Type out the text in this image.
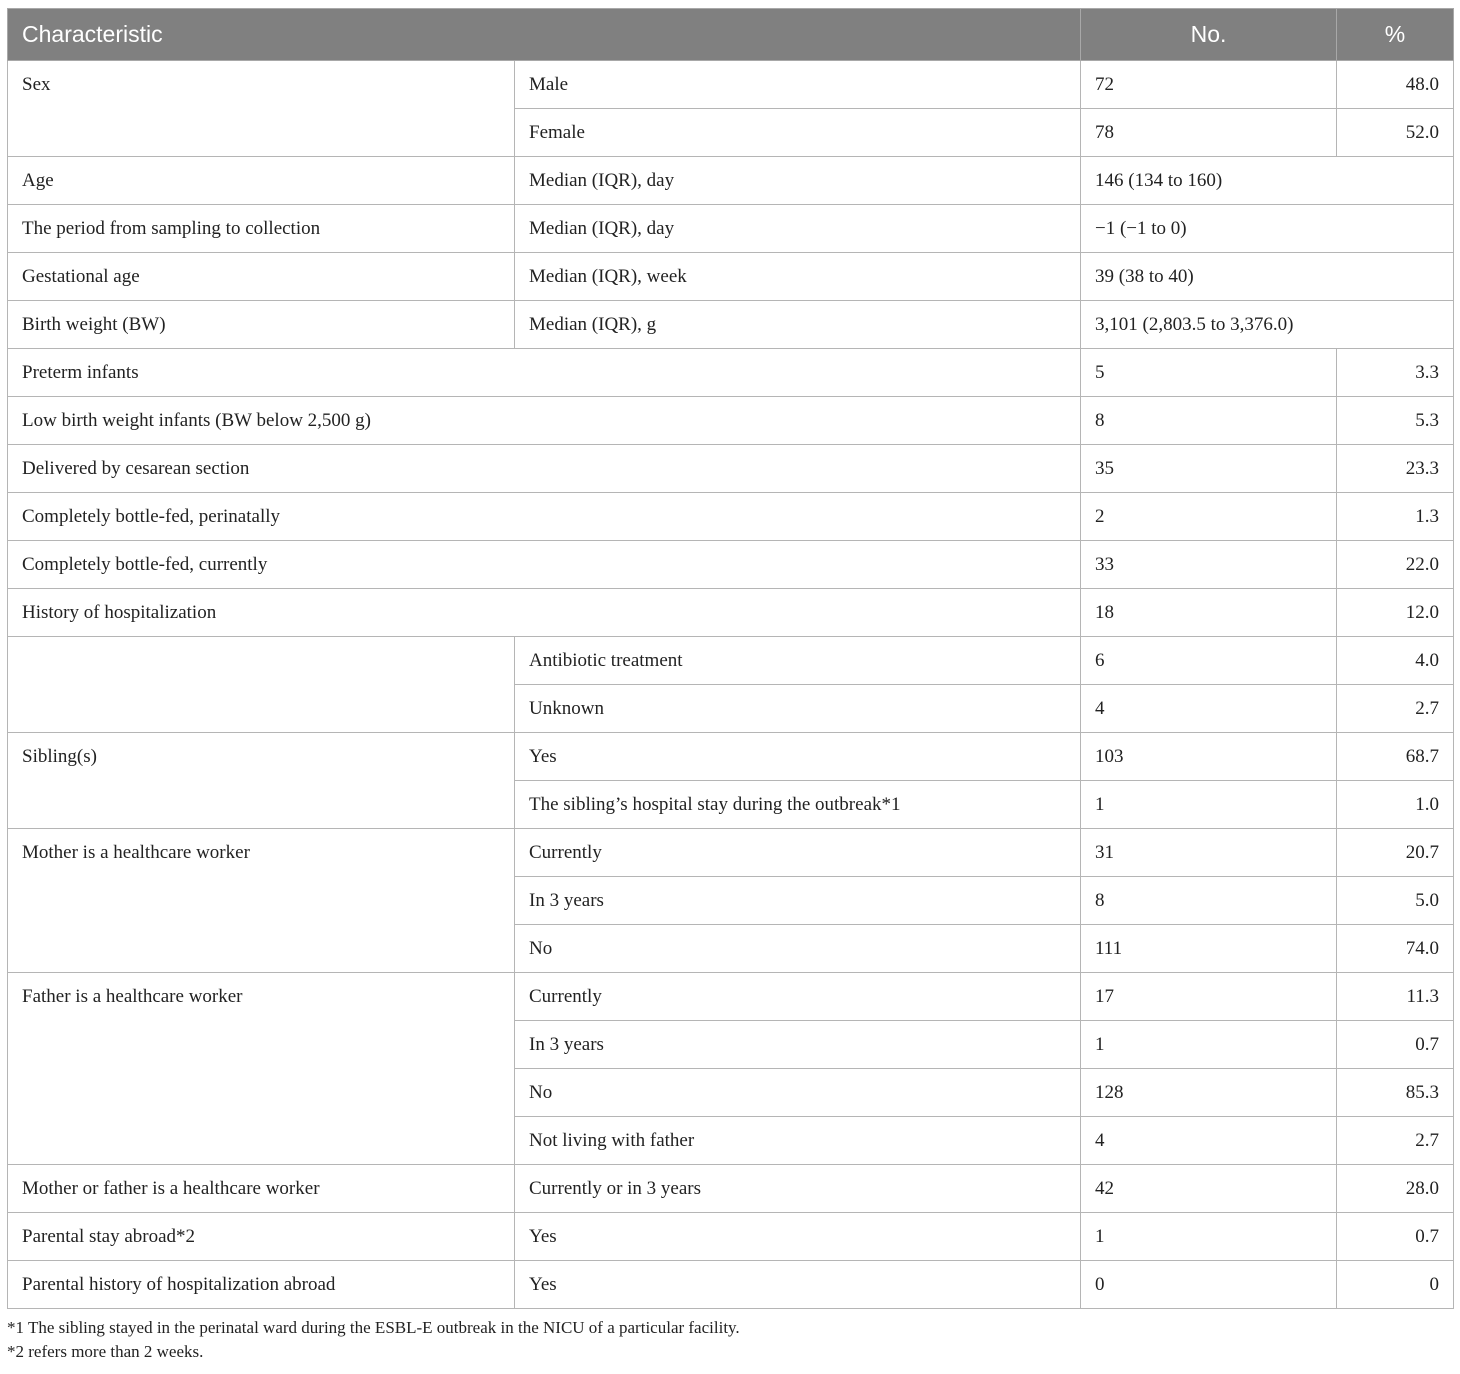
Characteristic		No.	%
Sex	Male	72	48.0
	Female	78	52.0
Age	Median (IQR), day	146 (134 to 160)	
The period from sampling to collection	Median (IQR), day	−1 (−1 to 0)	
Gestational age	Median (IQR), week	39 (38 to 40)	
Birth weight (BW)	Median (IQR), g	3,101 (2,803.5 to 3,376.0)	
Preterm infants		5	3.3
Low birth weight infants (BW below 2,500 g)		8	5.3
Delivered by cesarean section		35	23.3
Completely bottle-fed, perinatally		2	1.3
Completely bottle-fed, currently		33	22.0
History of hospitalization		18	12.0
	Antibiotic treatment	6	4.0
	Unknown	4	2.7
Sibling(s)	Yes	103	68.7
	The sibling’s hospital stay during the outbreak*1	1	1.0
Mother is a healthcare worker	Currently	31	20.7
	In 3 years	8	5.0
	No	111	74.0
Father is a healthcare worker	Currently	17	11.3
	In 3 years	1	0.7
	No	128	85.3
	Not living with father	4	2.7
Mother or father is a healthcare worker	Currently or in 3 years	42	28.0
Parental stay abroad*2	Yes	1	0.7
Parental history of hospitalization abroad	Yes	0	0
*1 The sibling stayed in the perinatal ward during the ESBL-E outbreak in the NICU of a particular facility.
*2 refers more than 2 weeks.
